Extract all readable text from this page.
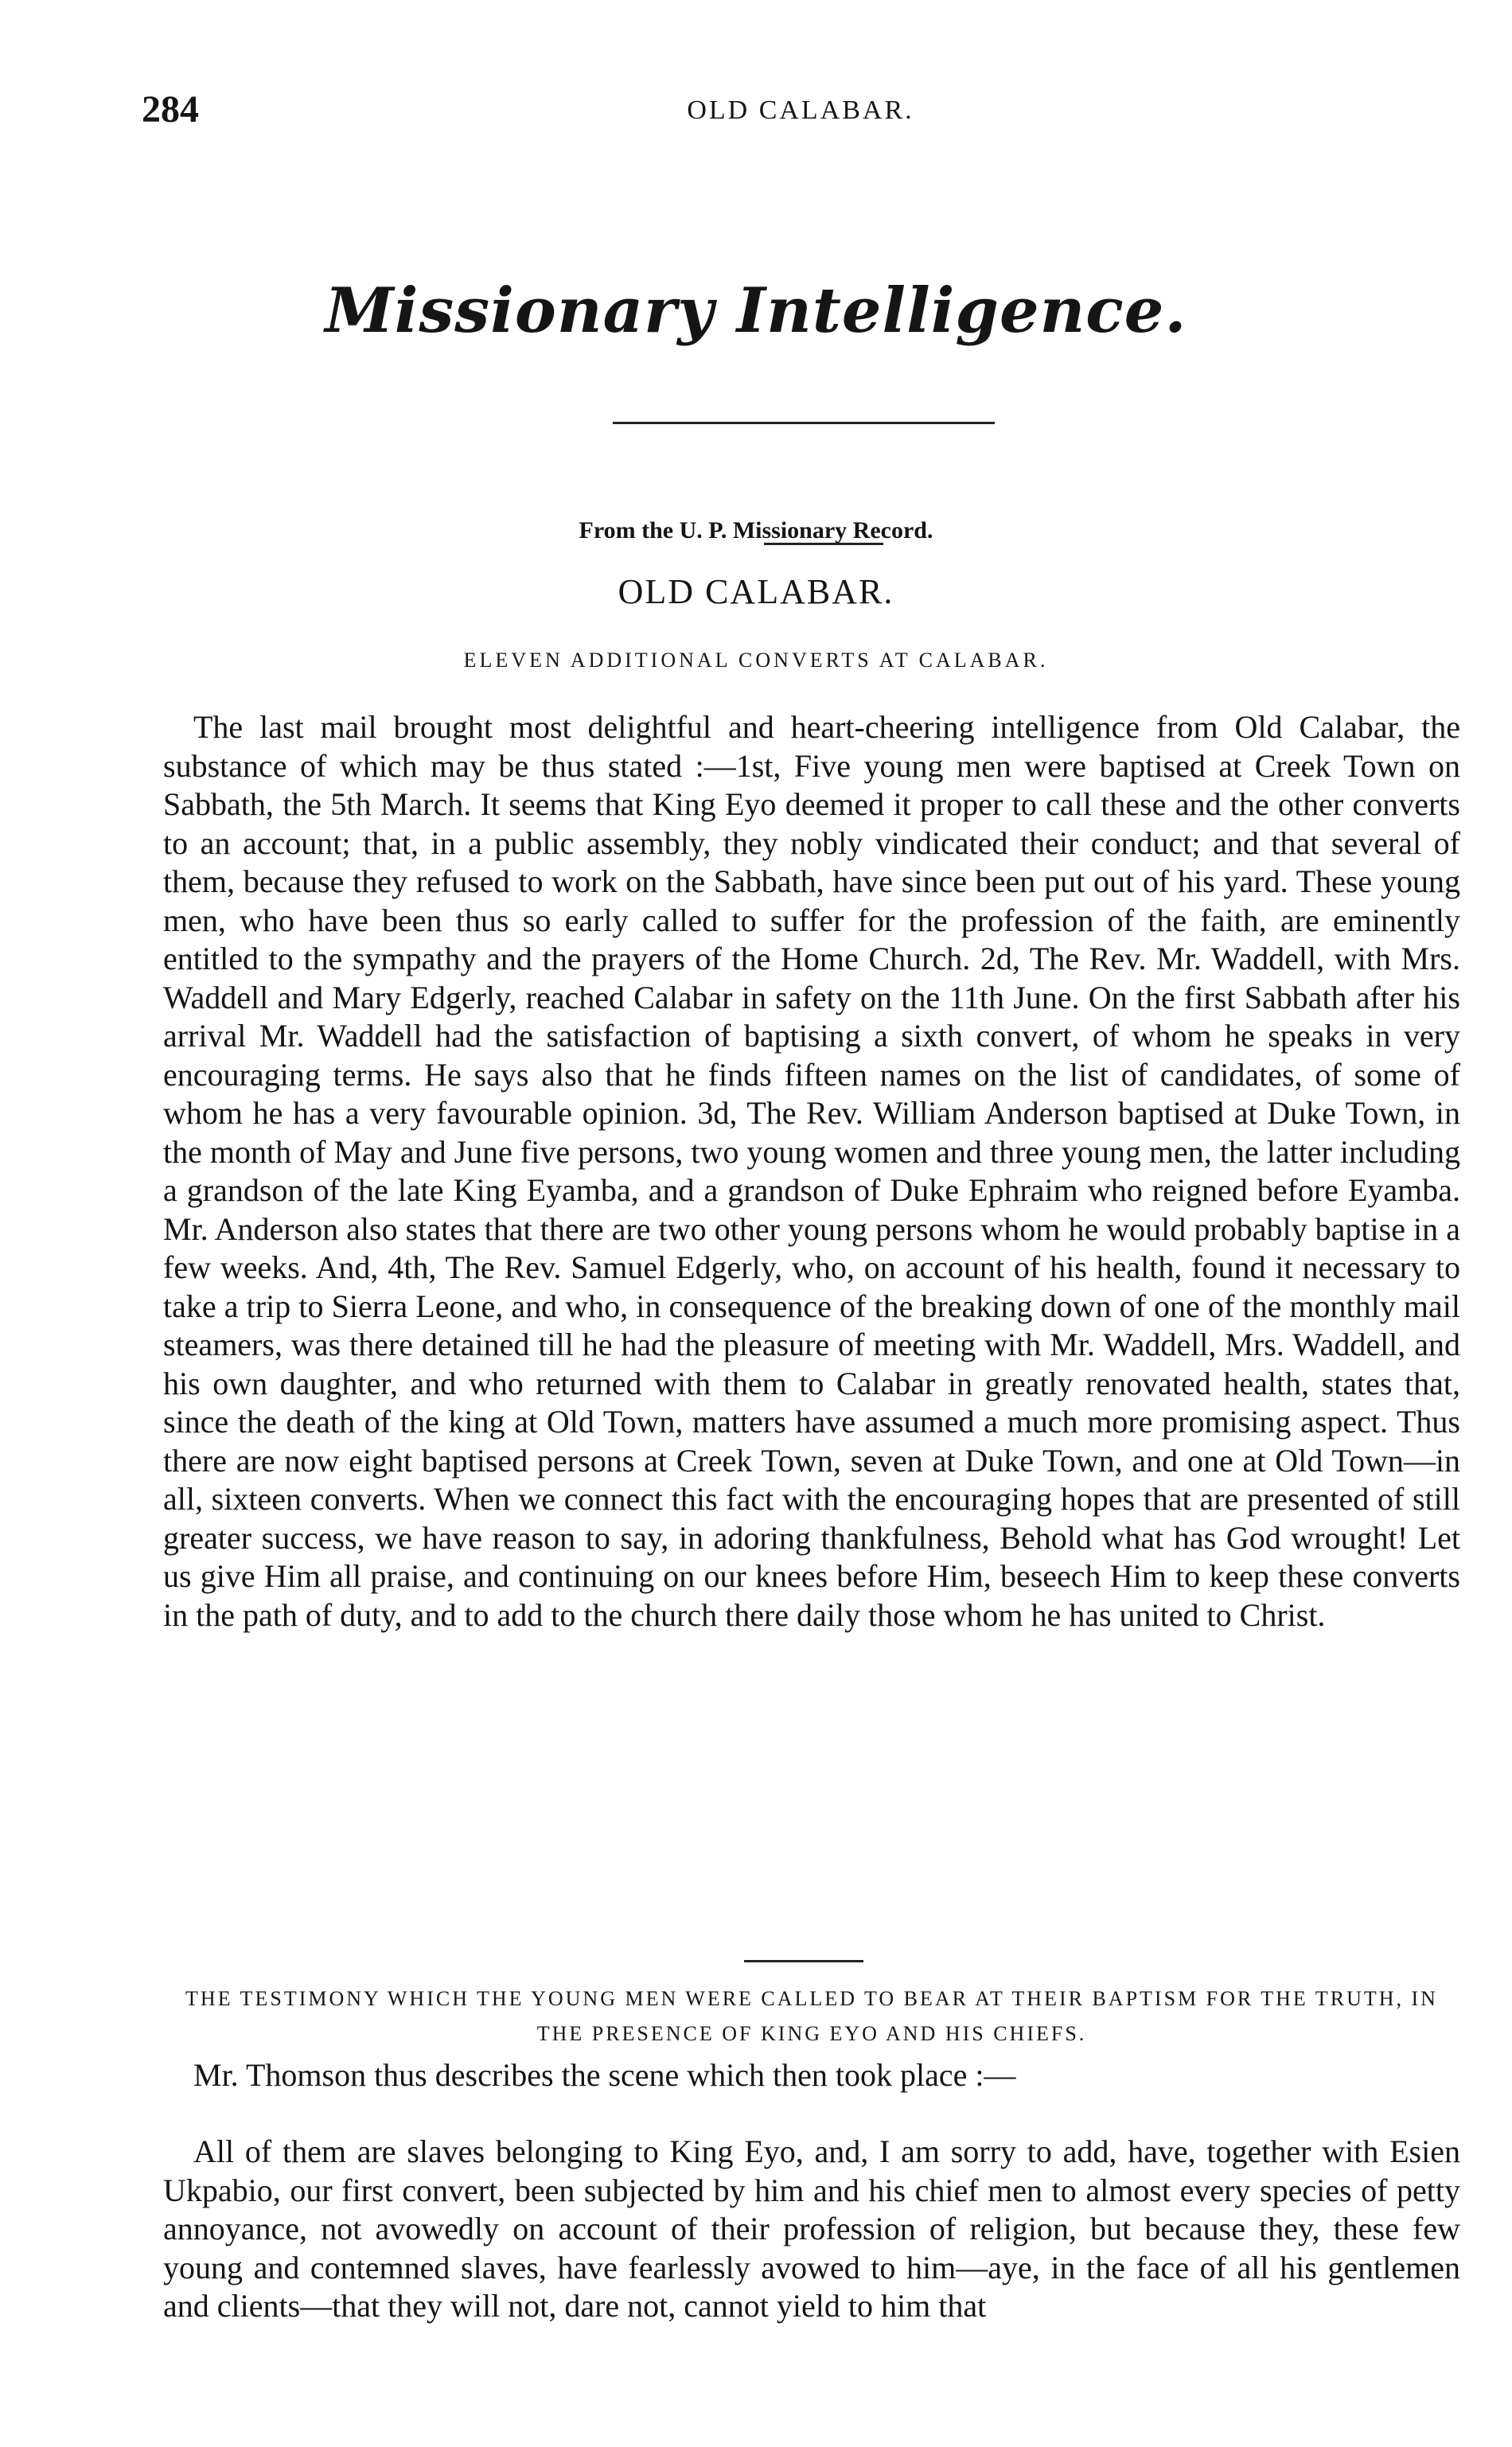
284	OLD CALABAR.
Missionary Intelligence.
From the U. P. Missionary Record.
OLD CALABAR.
ELEVEN ADDITIONAL CONVERTS AT CALABAR.
The last mail brought most delightful and heart-cheering intelligence from Old Calabar, the substance of which may be thus stated :—1st, Five young men were baptised at Creek Town on Sabbath, the 5th March. It seems that King Eyo deemed it proper to call these and the other converts to an account; that, in a public assembly, they nobly vindicated their conduct; and that several of them, because they refused to work on the Sabbath, have since been put out of his yard. These young men, who have been thus so early called to suffer for the profession of the faith, are eminently entitled to the sympathy and the prayers of the Home Church. 2d, The Rev. Mr. Waddell, with Mrs. Waddell and Mary Edgerly, reached Calabar in safety on the 11th June. On the first Sabbath after his arrival Mr. Waddell had the satisfaction of baptising a sixth convert, of whom he speaks in very encouraging terms. He says also that he finds fifteen names on the list of candidates, of some of whom he has a very favourable opinion. 3d, The Rev. William Anderson baptised at Duke Town, in the month of May and June five persons, two young women and three young men, the latter including a grandson of the late King Eyamba, and a grandson of Duke Ephraim who reigned before Eyamba. Mr. Anderson also states that there are two other young persons whom he would probably baptise in a few weeks. And, 4th, The Rev. Samuel Edgerly, who, on account of his health, found it necessary to take a trip to Sierra Leone, and who, in consequence of the breaking down of one of the monthly mail steamers, was there detained till he had the pleasure of meeting with Mr. Waddell, Mrs. Waddell, and his own daughter, and who returned with them to Calabar in greatly renovated health, states that, since the death of the king at Old Town, matters have assumed a much more promising aspect. Thus there are now eight baptised persons at Creek Town, seven at Duke Town, and one at Old Town—in all, sixteen converts. When we connect this fact with the encouraging hopes that are presented of still greater success, we have reason to say, in adoring thankfulness, Behold what has God wrought! Let us give Him all praise, and continuing on our knees before Him, beseech Him to keep these converts in the path of duty, and to add to the church there daily those whom he has united to Christ.
THE TESTIMONY WHICH THE YOUNG MEN WERE CALLED TO BEAR AT THEIR BAPTISM FOR THE TRUTH, IN THE PRESENCE OF KING EYO AND HIS CHIEFS.
Mr. Thomson thus describes the scene which then took place :—
All of them are slaves belonging to King Eyo, and, I am sorry to add, have, together with Esien Ukpabio, our first convert, been subjected by him and his chief men to almost every species of petty annoyance, not avowedly on account of their profession of religion, but because they, these few young and contemned slaves, have fearlessly avowed to him—aye, in the face of all his gentlemen and clients—that they will not, dare not, cannot yield to him that
